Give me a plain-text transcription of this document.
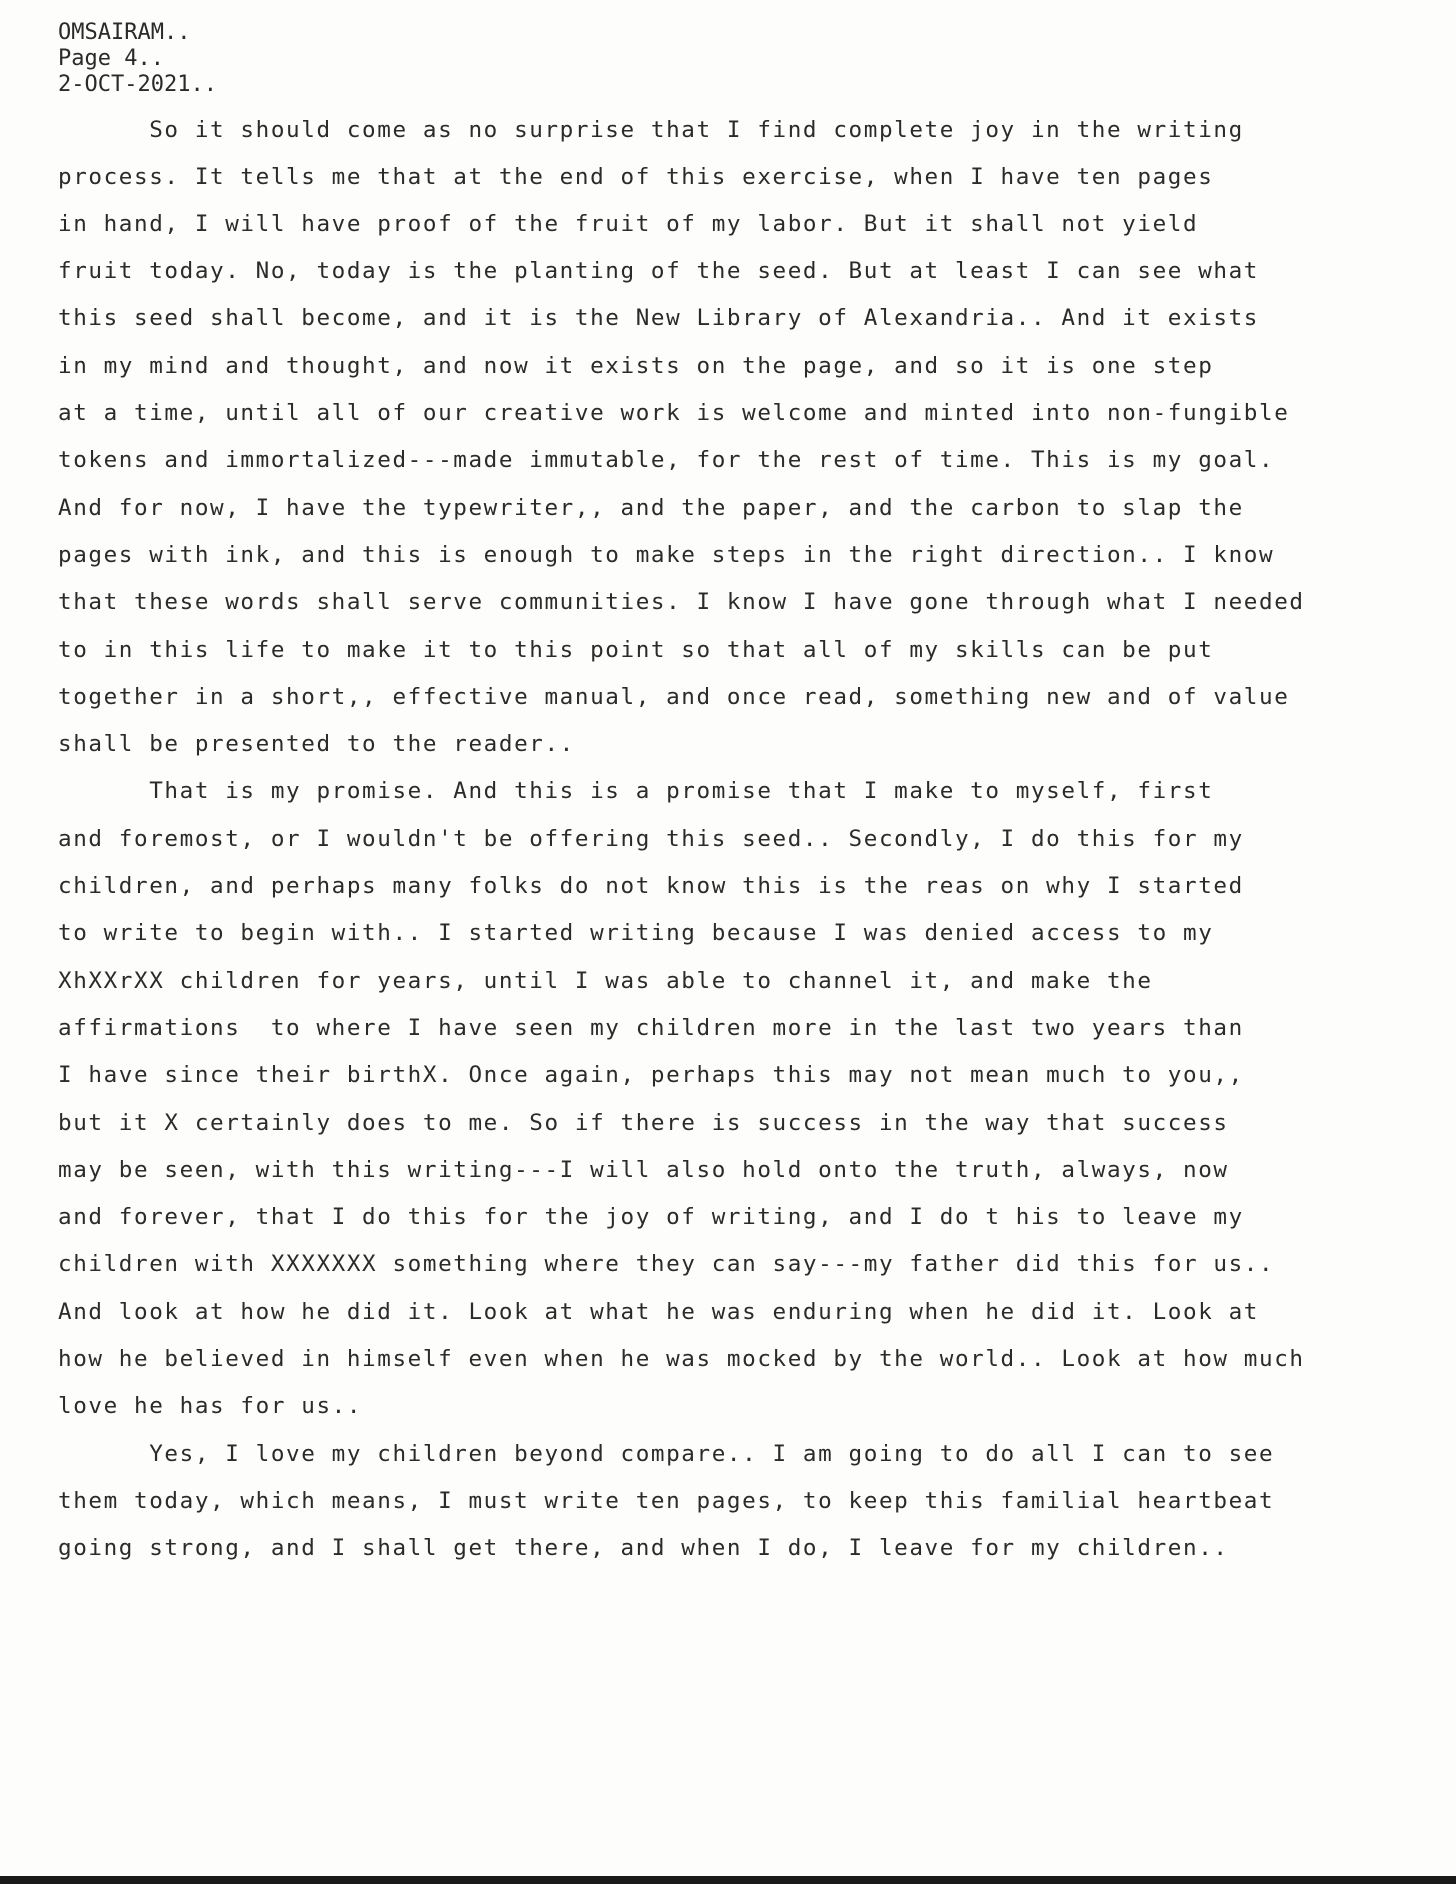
OMSAIRAM..
Page 4..
2-OCT-2021..
So it should come as no surprise that I find complete joy in the writing
process. It tells me that at the end of this exercise, when I have ten pages
in hand, I will have proof of the fruit of my labor. But it shall not yield
fruit today. No, today is the planting of the seed. But at least I can see what
this seed shall become, and it is the New Library of Alexandria.. And it exists
in my mind and thought, and now it exists on the page, and so it is one step
at a time, until all of our creative work is welcome and minted into non-fungible
tokens and immortalized---made immutable, for the rest of time. This is my goal.
And for now, I have the typewriter,, and the paper, and the carbon to slap the
pages with ink, and this is enough to make steps in the right direction.. I know
that these words shall serve communities. I know I have gone through what I needed
to in this life to make it to this point so that all of my skills can be put
together in a short,, effective manual, and once read, something new and of value
shall be presented to the reader..
That is my promise. And this is a promise that I make to myself, first
and foremost, or I wouldn't be offering this seed.. Secondly, I do this for my
children, and perhaps many folks do not know this is the reas on why I started
to write to begin with.. I started writing because I was denied access to my
XhXXrXX children for years, until I was able to channel it, and make the
affirmations  to where I have seen my children more in the last two years than
I have since their birthX. Once again, perhaps this may not mean much to you,,
but it X certainly does to me. So if there is success in the way that success
may be seen, with this writing---I will also hold onto the truth, always, now
and forever, that I do this for the joy of writing, and I do t his to leave my
children with XXXXXXX something where they can say---my father did this for us..
And look at how he did it. Look at what he was enduring when he did it. Look at
how he believed in himself even when he was mocked by the world.. Look at how much
love he has for us..
Yes, I love my children beyond compare.. I am going to do all I can to see
them today, which means, I must write ten pages, to keep this familial heartbeat
going strong, and I shall get there, and when I do, I leave for my children..
